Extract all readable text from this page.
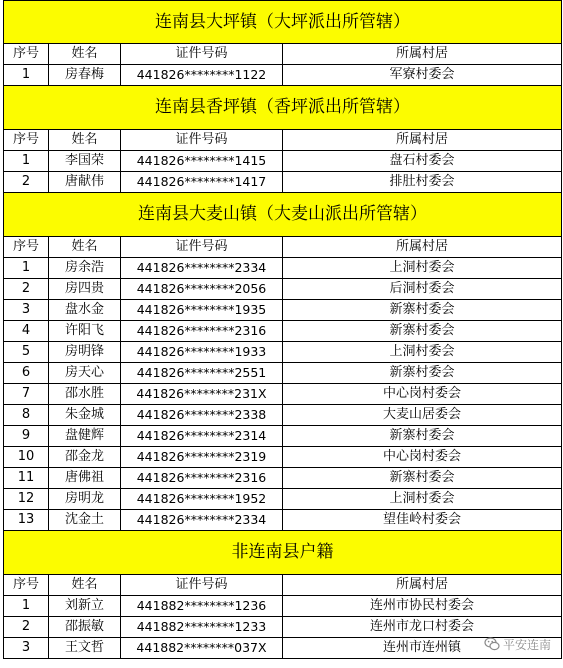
连南县大坪镇（大坪派出所管辖）			
序号	姓名	证件号码	所属村居
1	房春梅	441826********1122	军寮村委会
连南县香坪镇（香坪派出所管辖）			
序号	姓名	证件号码	所属村居
1	李国荣	441826********1415	盘石村委会
2	唐献伟	441826********1417	排肚村委会
连南县大麦山镇（大麦山派出所管辖）			
序号	姓名	证件号码	所属村居
1	房余浩	441826********2334	上洞村委会
2	房四贵	441826********2056	后洞村委会
3	盘水金	441826********1935	新寨村委会
4	许阳飞	441826********2316	新寨村委会
5	房明锋	441826********1933	上洞村委会
6	房天心	441826********2551	新寨村委会
7	邵水胜	441826********231X	中心岗村委会
8	朱金城	441826********2338	大麦山居委会
9	盘健辉	441826********2314	新寨村委会
10	邵金龙	441826********2319	中心岗村委会
11	唐佛祖	441826********2316	新寨村委会
12	房明龙	441826********1952	上洞村委会
13	沈金土	441826********2334	望佳岭村委会
非连南县户籍			
序号	姓名	证件号码	所属村居
1	刘新立	441882********1236	连州市协民村委会
2	邵振敏	441882********1233	连州市龙口村委会
3	王文哲	441882********037X	连州市连州镇	平安连南
